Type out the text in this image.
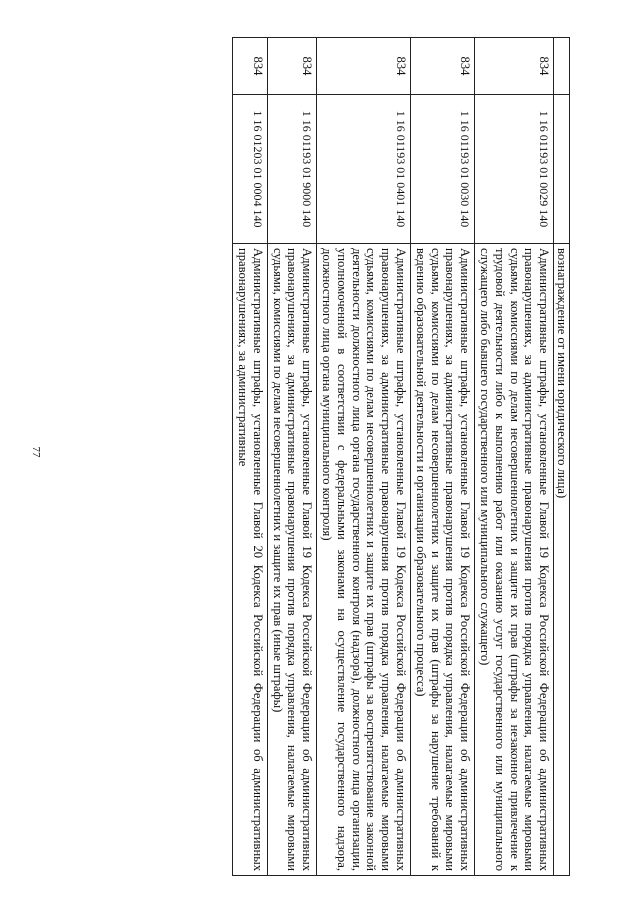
77
			вознаграждение от имени юридического лица)
834	1 16 01193 01 0029 140	Административные штрафы, установленные Главой 19 Кодекса Российской Федерации об административных правонарушениях, за административные правонарушения против порядка управления, налагаемые мировыми судьями, комиссиями по делам несовершеннолетних и защите их прав (штрафы за незаконное привлечение к трудовой деятельности либо к выполнению работ или оказанию услуг государственного или муниципального служащего либо бывшего государственного или муниципального служащего)
834	1 16 01193 01 0030 140	Административные штрафы, установленные Главой 19 Кодекса Российской Федерации об административных правонарушениях, за административные правонарушения против порядка управления, налагаемые мировыми судьями, комиссиями по делам несовершеннолетних и защите их прав (штрафы за нарушение требований к ведению образовательной деятельности и организации образовательного процесса)
834	1 16 01193 01 0401 140	Административные штрафы, установленные Главой 19 Кодекса Российской Федерации об административных правонарушениях, за административные правонарушения против порядка управления, налагаемые мировыми судьями, комиссиями по делам несовершеннолетних и защите их прав (штрафы за воспрепятствование законной деятельности должностного лица органа государственного контроля (надзора), должностного лица организации, уполномоченной в соответствии с федеральными законами на осуществление государственного надзора, должностного лица органа муниципального контроля)
834	1 16 01193 01 9000 140	Административные штрафы, установленные Главой 19 Кодекса Российской Федерации об административных правонарушениях, за административные правонарушения против порядка управления, налагаемые мировыми судьями, комиссиями по делам несовершеннолетних и защите их прав (иные штрафы)
834	1 16 01203 01 0004 140	Административные штрафы, установленные Главой 20 Кодекса Российской Федерации об административных правонарушениях, за административные
